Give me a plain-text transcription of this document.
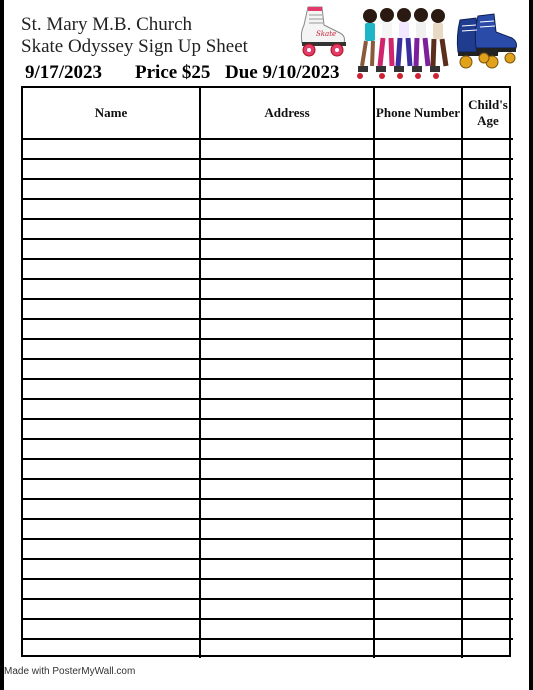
St. Mary M.B. Church
Skate Odyssey Sign Up Sheet
9/17/2023 Price $25 Due 9/10/2023
Skate
Name	Address	Phone Number	Child's Age

Made with PosterMyWall.com
